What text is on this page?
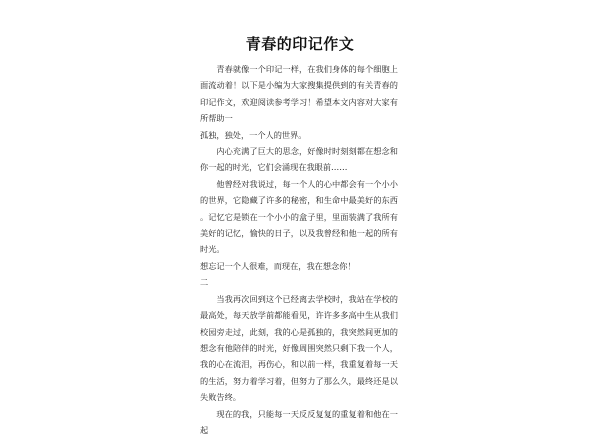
青春的印记作文

青春就像一个印记一样，在我们身体的每个细胞上面流动着！以下是小编为大家搜集提供到的有关青春的印记作文，欢迎阅读参考学习！希望本文内容对大家有所帮助一

孤独，独处，一个人的世界。

内心充满了巨大的思念，好像时时刻刻都在想念和你一起的时光，它们会涌现在我眼前……

他曾经对我说过，每一个人的心中都会有一个小小的世界，它隐藏了许多的秘密，和生命中最美好的东西。记忆它是锁在一个小小的盒子里，里面装满了我所有美好的记忆，愉快的日子，以及我曾经和他一起的所有时光。

想忘记一个人很难，而现在，我在想念你！

二

当我再次回到这个已经离去学校时，我站在学校的最高处，每天放学前都能看见，许许多多高中生从我们校园旁走过，此刻，我的心是孤独的，我突然间更加的想念有他陪伴的时光，好像周围突然只剩下我一个人，我的心在流泪，再伤心，和以前一样，我重复着每一天的生活，努力着学习着，但努力了那么久，最终还是以失败告终。

现在的我，只能每一天反反复复的重复着和他在一起
